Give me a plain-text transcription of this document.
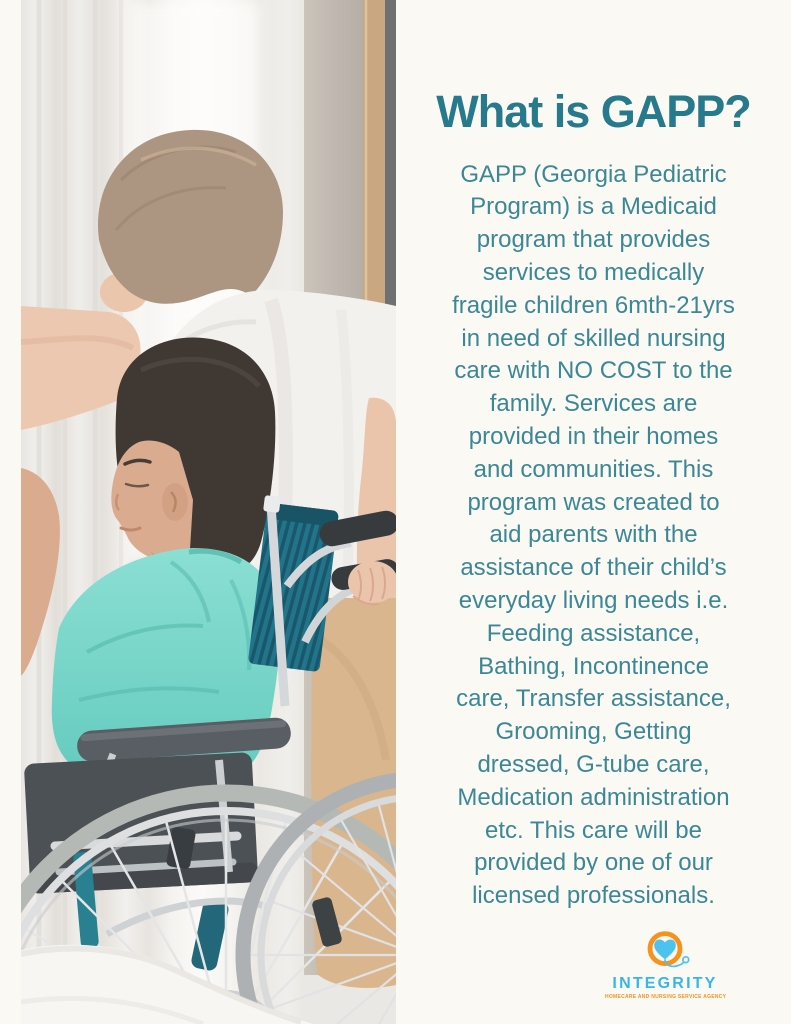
What is GAPP?
GAPP (Georgia Pediatric
Program) is a Medicaid
program that provides
services to medically
fragile children 6mth-21yrs
in need of skilled nursing
care with NO COST to the
family. Services are
provided in their homes
and communities. This
program was created to
aid parents with the
assistance of their child’s
everyday living needs i.e.
Feeding assistance,
Bathing, Incontinence
care, Transfer assistance,
Grooming, Getting
dressed, G-tube care,
Medication administration
etc. This care will be
provided by one of our
licensed professionals.
INTEGRITY
HOMECARE AND NURSING SERVICE AGENCY
